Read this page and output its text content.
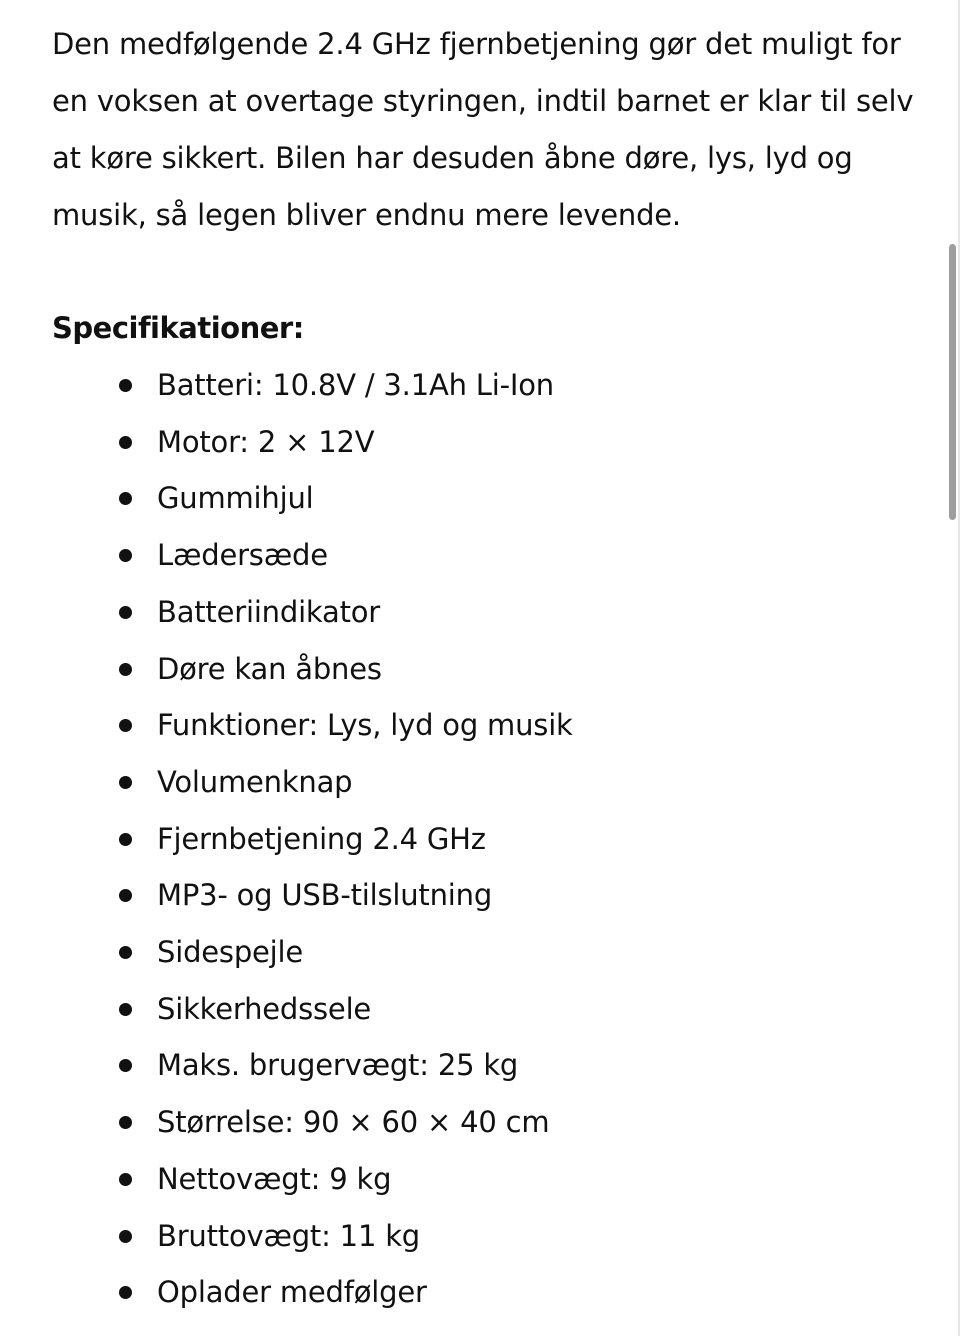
Den medfølgende 2.4 GHz fjernbetjening gør det muligt for en voksen at overtage styringen, indtil barnet er klar til selv at køre sikkert. Bilen har desuden åbne døre, lys, lyd og musik, så legen bliver endnu mere levende.

Specifikationer:
Batteri: 10.8V / 3.1Ah Li-Ion
Motor: 2 × 12V
Gummihjul
Lædersæde
Batteriindikator
Døre kan åbnes
Funktioner: Lys, lyd og musik
Volumenknap
Fjernbetjening 2.4 GHz
MP3- og USB-tilslutning
Sidespejle
Sikkerhedssele
Maks. brugervægt: 25 kg
Størrelse: 90 × 60 × 40 cm
Nettovægt: 9 kg
Bruttovægt: 11 kg
Oplader medfølger
